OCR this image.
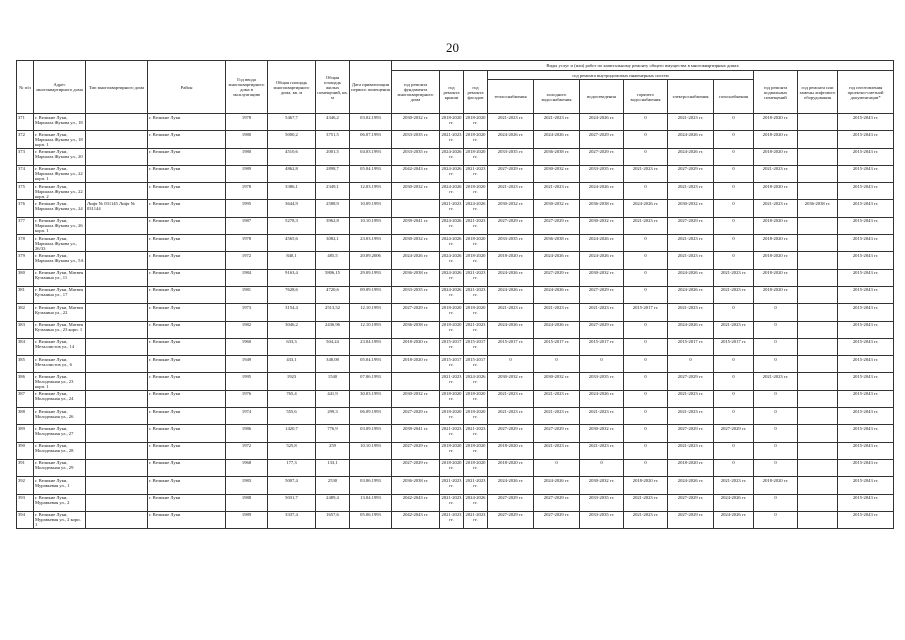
20
№ п/п	Адрес многоквартирного дома	Тип многоквартирного дома	Район	Год ввода многоквартирного дома в эксплуатацию	Общая площадь многоквартирного дома, кв. м	Общая площадь жилых помещений, кв. м	Дата приватизации первого помещения	Виды услуг и (или) работ по капитальному ремонту общего имущества в многоквартирных домах											
								год ремонта фундамента многоквартирного дома	год ремонта крыши	год ремонта фасадов	год ремонта внутридомовых инженерных систем						год ремонта подвальных помещений	год ремонта или замены лифтового оборудования	год изготовления проектно-сметной документации*
											теплоснабжения	холодного водоснабжения	водоотведения	горячего водоснабжения	электроснабжения	газоснабжения			
371	г. Великие Луки, Маршала Жукова ул., 18		г. Великие Луки	1978	5467,7	4346,2	03.02.1993	2030-2032 гг.	2018-2020 гг.	2018-2020 гг.	2021-2023 гг.	2021-2023 гг.	2024-2026 гг.	0	2021-2023 гг.	0	2018-2020 гг.		2015-2043 гг.
372	г. Великие Луки, Маршала Жукова ул., 18 корп. 1		г. Великие Луки	1980	5000,2	3751,5	06.07.1993	2033-2035 гг.	2021-2023 гг.	2018-2020 гг.	2024-2026 гг.	2024-2026 гг.	2027-2029 гг.	0	2024-2026 гг.	0	2018-2020 гг.		2015-2043 гг.
373	г. Великие Луки, Маршала Жукова ул., 20		г. Великие Луки	1980	4510,6	2001,5	04.03.1993	2033-2035 гг.	2024-2026 гг.	2018-2020 гг.	2033-2035 гг.	2036-2038 гг.	2027-2029 гг.	0	2024-2026 гг.	0	2018-2020 гг.		2015-2043 гг.
374	г. Великие Луки, Маршала Жукова ул., 22 корп. 1		г. Великие Луки	1989	4862,8	2898,7	05.04.1993	2042-2043 гг.	2024-2026 гг.	2021-2023 гг.	2027-2029 гг.	2030-2032 гг.	2033-2035 гг.	2021-2023 гг.	2027-2029 гг.	0	2021-2023 гг.		2015-2043 гг.
375	г. Великие Луки, Маршала Жукова ул., 22 корп. 2		г. Великие Луки	1978	3386,1	2349,1	12.03.1993	2030-2032 гг.	2024-2026 гг.	2018-2020 гг.	2021-2023 гг.	2021-2023 гг.	2024-2026 гг.	0	2021-2023 гг.	0	2018-2020 гг.		2015-2043 гг.
376	г. Великие Луки, Маршала Жукова ул., 24	Лифт № 031145 Лифт № 031144	г. Великие Луки	1995	3644,9	2588,9	10.09.1993		2021-2023 гг.	2024-2026 гг.	2030-2032 гг.	2030-2032 гг.	2036-2038 гг.	2024-2026 гг.	2030-2032 гг.	0	2021-2023 гг.	2036-2038 гг.	2015-2043 гг.
377	г. Великие Луки, Маршала Жукова ул., 26 корп. 1		г. Великие Луки	1987	5278,3	3962,8	10.10.1993	2039-2041 гг.	2024-2026 гг.	2021-2023 гг.	2027-2029 гг.	2027-2029 гг.	2030-2032 гг.	2021-2023 гг.	2027-2029 гг.	0	2018-2020 гг.		2015-2043 гг.
378	г. Великие Луки, Маршала Жукова ул., 26/33		г. Великие Луки	1978	4565,6	3082,1	23.03.1993	2030-2032 гг.	2024-2026 гг.	2018-2020 гг.	2033-2035 гг.	2036-2038 гг.	2024-2026 гг.	0	2021-2023 гг.	0	2018-2020 гг.		2015-2043 гг.
379	г. Великие Луки, Маршала Жукова ул., 5А		г. Великие Луки	1972	840,1	485,5	20.09.2006	2024-2026 гг.	2024-2026 гг.	2018-2020 гг.	2018-2020 гг.	2024-2026 гг.	2024-2026 гг.	0	2021-2023 гг.	0	2018-2020 гг.		2015-2043 гг.
380	г. Великие Луки, Матвея Кузьмина ул., 11		г. Великие Луки	1984	9163,4	5806,15	29.09.1993	2036-2038 гг.	2024-2026 гг.	2021-2023 гг.	2024-2026 гг.	2027-2029 гг.	2030-2032 гг.	0	2024-2026 гг.	2021-2023 гг.	2018-2020 гг.		2015-2043 гг.
381	г. Великие Луки, Матвея Кузьмина ул., 17		г. Великие Луки	1981	7628,6	4720,6	09.09.1993	2033-2035 гг.	2024-2026 гг.	2021-2023 гг.	2024-2026 гг.	2024-2026 гг.	2027-2029 гг.	0	2024-2026 гг.	2021-2023 гг.	2018-2020 гг.		2015-2043 гг.
382	г. Великие Луки, Матвея Кузьмина ул., 22		г. Великие Луки	1973	3154,4	2513,52	12.10.1993	2027-2029 гг.	2018-2020 гг.	2018-2020 гг.	2021-2023 гг.	2021-2023 гг.	2021-2023 гг.	2015-2017 гг.	2021-2023 гг.	0	0		2015-2043 гг.
383	г. Великие Луки, Матвея Кузьмина ул., 23 корп. 1		г. Великие Луки	1982	3046,2	2436,96	12.10.1993	2036-2038 гг.	2018-2020 гг.	2021-2023 гг.	2024-2026 гг.	2024-2026 гг.	2027-2029 гг.	0	2024-2026 гг.	2021-2023 гг.	0		2015-2043 гг.
384	г. Великие Луки, Металлистов ул., 14		г. Великие Луки	1960	633,3	504,24	23.04.1993	2018-2020 гг.	2015-2017 гг.	2015-2017 гг.	2015-2017 гг.	2015-2017 гг.	2015-2017 гг.	0	2015-2017 гг.	2015-2017 гг.	0		2015-2043 гг.
385	г. Великие Луки, Металлистов ул., 6		г. Великие Луки	1949	433,1	348,08	05.04.1993	2018-2020 гг.	2015-2017 гг.	2015-2017 гг.	0	0	0	0	0	0	0		2015-2043 гг.
386	г. Великие Луки, Молодежная ул., 23 корп. 1		г. Великие Луки	1995	1923	1540	07.06.1993		2021-2023 гг.	2024-2026 гг.	2030-2032 гг.	2030-2032 гг.	2033-2035 гг.	0	2027-2029 гг.	0	2021-2023 гг.		2015-2043 гг.
387	г. Великие Луки, Молодежная ул., 24		г. Великие Луки	1976	765,4	441,9	30.03.1993	2030-2032 гг.	2018-2020 гг.	2018-2020 гг.	2021-2023 гг.	2021-2023 гг.	2024-2026 гг.	0	2021-2023 гг.	0	0		2015-2043 гг.
388	г. Великие Луки, Молодежная ул., 26		г. Великие Луки	1974	555,6	299,3	06.09.1993	2027-2029 гг.	2018-2020 гг.	2018-2020 гг.	2021-2023 гг.	2021-2023 гг.	2021-2023 гг.	0	2021-2023 гг.	0	0		2015-2043 гг.
389	г. Великие Луки, Молодежная ул., 27		г. Великие Луки	1986	1420,7	776,9	03.09.1993	2039-2041 гг.	2021-2023 гг.	2021-2023 гг.	2027-2029 гг.	2027-2029 гг.	2030-2032 гг.	0	2027-2029 гг.	2027-2029 гг.	0		2015-2043 гг.
390	г. Великие Луки, Молодежная ул., 28		г. Великие Луки	1972	525,8	259	10.10.1993	2027-2029 гг.	2018-2020 гг.	2018-2020 гг.	2018-2020 гг.	2021-2023 гг.	2021-2023 гг.	0	2021-2023 гг.	0	0		2015-2043 гг.
391	г. Великие Луки, Молодежная ул., 29		г. Великие Луки	1968	177,3	133,1		2027-2029 гг.	2018-2020 гг.	2018-2020 гг.	2018-2020 гг.	0	0	0	2018-2020 гг.	0	0		2015-2043 гг.
392	г. Великие Луки, Муравьевая ул., 1		г. Великие Луки	1983	5007,4	2530	03.06.1993	2036-2038 гг.	2021-2023 гг.	2021-2023 гг.	2024-2026 гг.	2024-2026 гг.	2030-2032 гг.	2018-2020 гг.	2024-2026 гг.	2021-2023 гг.	2018-2020 гг.		2015-2043 гг.
393	г. Великие Луки, Муравьевая ул., 2		г. Великие Луки	1988	5031,7	2489,4	13.04.1993	2042-2043 гг.	2021-2023 гг.	2024-2026 гг.	2027-2029 гг.	2027-2029 гг.	2033-2035 гг.	2021-2023 гг.	2027-2029 гг.	2024-2026 гг.	0		2015-2043 гг.
394	г. Великие Луки, Муравьевая ул., 2 корп. 1		г. Великие Луки	1989	3337,4	1657,6	05.06.1993	2042-2043 гг.	2021-2023 гг.	2021-2023 гг.	2027-2029 гг.	2027-2029 гг.	2033-2035 гг.	2021-2023 гг.	2027-2029 гг.	2024-2026 гг.	0		2015-2043 гг.
